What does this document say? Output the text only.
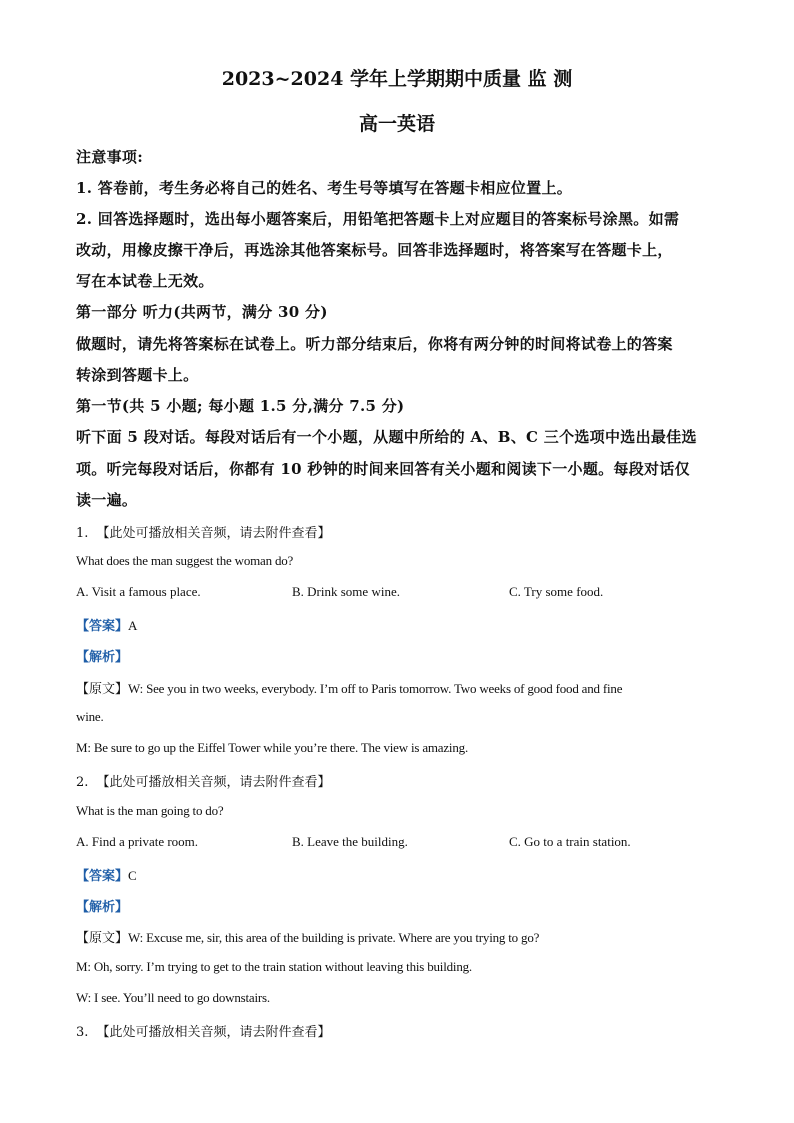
2023~2024 学年上学期期中质量 监 测
高一英语
注意事项:
1. 答卷前，考生务必将自己的姓名、考生号等填写在答题卡相应位置上。
2. 回答选择题时，选出每小题答案后，用铅笔把答题卡上对应题目的答案标号涂黑。如需
改动，用橡皮擦干净后，再选涂其他答案标号。回答非选择题时，将答案写在答题卡上，
写在本试卷上无效。
第一部分 听力(共两节，满分 30 分)
做题时，请先将答案标在试卷上。听力部分结束后，你将有两分钟的时间将试卷上的答案
转涂到答题卡上。
第一节(共 5 小题; 每小题 1.5 分,满分 7.5 分)
听下面 5 段对话。每段对话后有一个小题，从题中所给的 A、B、C 三个选项中选出最佳选
项。听完每段对话后，你都有 10 秒钟的时间来回答有关小题和阅读下一小题。每段对话仅
读一遍。
1. 【此处可播放相关音频，请去附件查看】
What does the man suggest the woman do?
A. Visit a famous place.	B. Drink some wine.	C. Try some food.
【答案】A
【解析】
【原文】W: See you in two weeks, everybody. I’m off to Paris tomorrow. Two weeks of good food and fine
wine.
M: Be sure to go up the Eiffel Tower while you’re there. The view is amazing.
2. 【此处可播放相关音频，请去附件查看】
What is the man going to do?
A. Find a private room.	B. Leave the building.	C. Go to a train station.
【答案】C
【解析】
【原文】W: Excuse me, sir, this area of the building is private. Where are you trying to go?
M: Oh, sorry. I’m trying to get to the train station without leaving this building.
W: I see. You’ll need to go downstairs.
3. 【此处可播放相关音频，请去附件查看】
